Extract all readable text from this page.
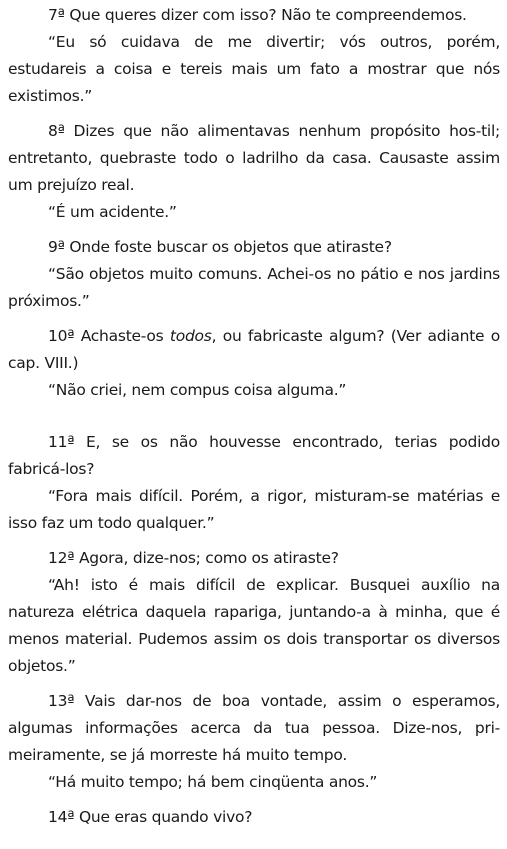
7ª Que queres dizer com isso? Não te compreendemos.

“Eu só cuidava de me divertir; vós outros, porém, estudareis a coisa e tereis mais um fato a mostrar que nós existimos.”

8ª Dizes que não alimentavas nenhum propósito hos-til; entretanto, quebraste todo o ladrilho da casa. Causaste assim um prejuízo real.

“É um acidente.”

9ª Onde foste buscar os objetos que atiraste?

“São objetos muito comuns. Achei-os no pátio e nos jardins próximos.”

10ª Achaste-os todos, ou fabricaste algum? (Ver adiante o cap. VIII.)

“Não criei, nem compus coisa alguma.”

11ª E, se os não houvesse encontrado, terias podido fabricá-los?

“Fora mais difícil. Porém, a rigor, misturam-se matérias e isso faz um todo qualquer.”

12ª Agora, dize-nos; como os atiraste?

“Ah! isto é mais difícil de explicar. Busquei auxílio na natureza elétrica daquela rapariga, juntando-a à minha, que é menos material. Pudemos assim os dois transportar os diversos objetos.”

13ª Vais dar-nos de boa vontade, assim o esperamos, algumas informações acerca da tua pessoa. Dize-nos, pri-meiramente, se já morreste há muito tempo.

“Há muito tempo; há bem cinqüenta anos.”

14ª Que eras quando vivo?
